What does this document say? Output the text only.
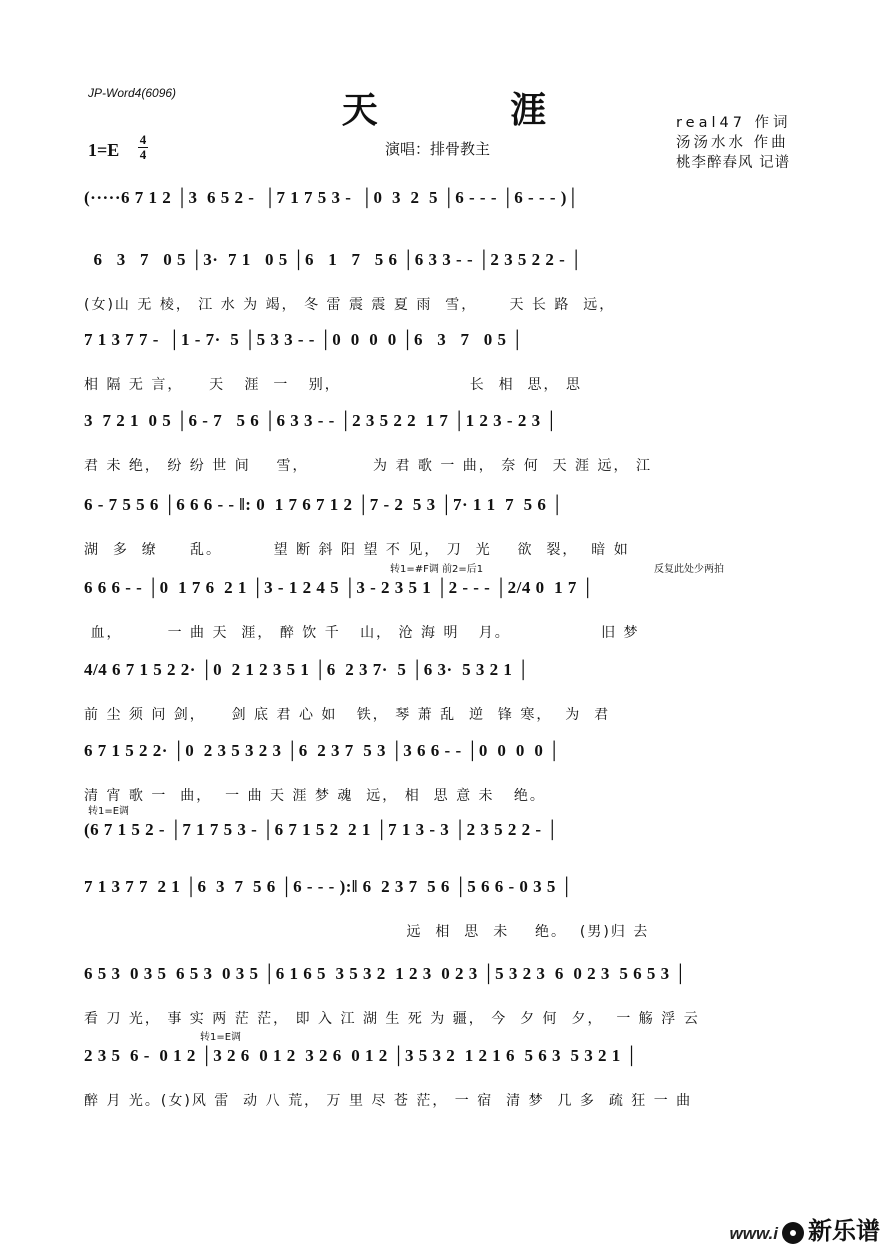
JP-Word4(6096)	天 涯
1=E
4
4	演唱：排骨教主
real47 作词
汤汤水水 作曲
桃李醉春风 记谱
(·····6 7 1 2 │3  6 5 2 -  │7 1 7 5 3 -  │0  3  2  5 │6 - - - │6 - - - )│
6   3   7   0 5 │3·  7 1   0 5 │6   1   7   5 6 │6 3 3 - - │2 3 5 2 2 - │
(女)山 无 棱， 江 水 为 竭， 冬 雷 震 震 夏 雨  雪，     天 长 路  远，
7 1 3 7 7 -  │1 - 7·  5 │5 3 3 - - │0  0  0  0 │6   3   7   0 5 │
相 隔 无 言，    天   涯  一   别，                    长  相  思， 思
3  7 2 1  0 5 │6 - 7   5 6 │6 3 3 - - │2 3 5 2 2  1 7 │1 2 3 - 2 3 │
君 未 绝， 纷 纷 世 间    雪，          为 君 歌 一 曲， 奈 何  天 涯 远， 江
6 - 7 5 5 6 │6 6 6 - - ‖: 0  1 7 6 7 1 2 │7 - 2  5 3 │7· 1 1  7  5 6 │
湖  多  缭     乱。        望 断 斜 阳 望 不 见， 刀  光    欲  裂，  暗 如
转1=#F调 前2=后1	反复此处少两拍
6 6 6 - - │0  1 7 6  2 1 │3 - 1 2 4 5 │3 - 2 3 5 1 │2 - - - │2/4 0  1 7 │
血，       一 曲 天  涯， 醉 饮 千   山， 沧 海 明   月。              旧 梦
4/4 6 7 1 5 2 2· │0  2 1 2 3 5 1 │6  2 3 7·  5 │6 3·  5 3 2 1 │
前 尘 须 问 剑，    剑 底 君 心 如   铁， 琴 萧 乱  逆  锋 寒，  为  君
6 7 1 5 2 2· │0  2 3 5 3 2 3 │6  2 3 7  5 3 │3 6 6 - - │0  0  0  0 │
清 宵 歌 一  曲，  一 曲 天 涯 梦 魂  远， 相  思 意 未   绝。
转1=E调
(6 7 1 5 2 - │7 1 7 5 3 - │6 7 1 5 2  2 1 │7 1 3 - 3 │2 3 5 2 2 - │
7 1 3 7 7  2 1 │6  3  7  5 6 │6 - - - ):‖ 6  2 3 7  5 6 │5 6 6 - 0 3 5 │
远  相  思  未    绝。  (男)归 去
6 5 3  0 3 5  6 5 3  0 3 5 │6 1 6 5  3 5 3 2  1 2 3  0 2 3 │5 3 2 3  6  0 2 3  5 6 5 3 │
看 刀 光， 事 实 两 茫 茫， 即 入 江 湖 生 死 为 疆， 今  夕 何  夕，  一 觞 浮 云
转1=E调
2 3 5  6 -  0 1 2 │3 2 6  0 1 2  3 2 6  0 1 2 │3 5 3 2  1 2 1 6  5 6 3  5 3 2 1 │
醉 月 光。(女)风 雷  动 八 荒， 万 里 尽 苍 茫， 一 宿  清 梦  几 多  疏 狂 一 曲
www.i 新乐谱
